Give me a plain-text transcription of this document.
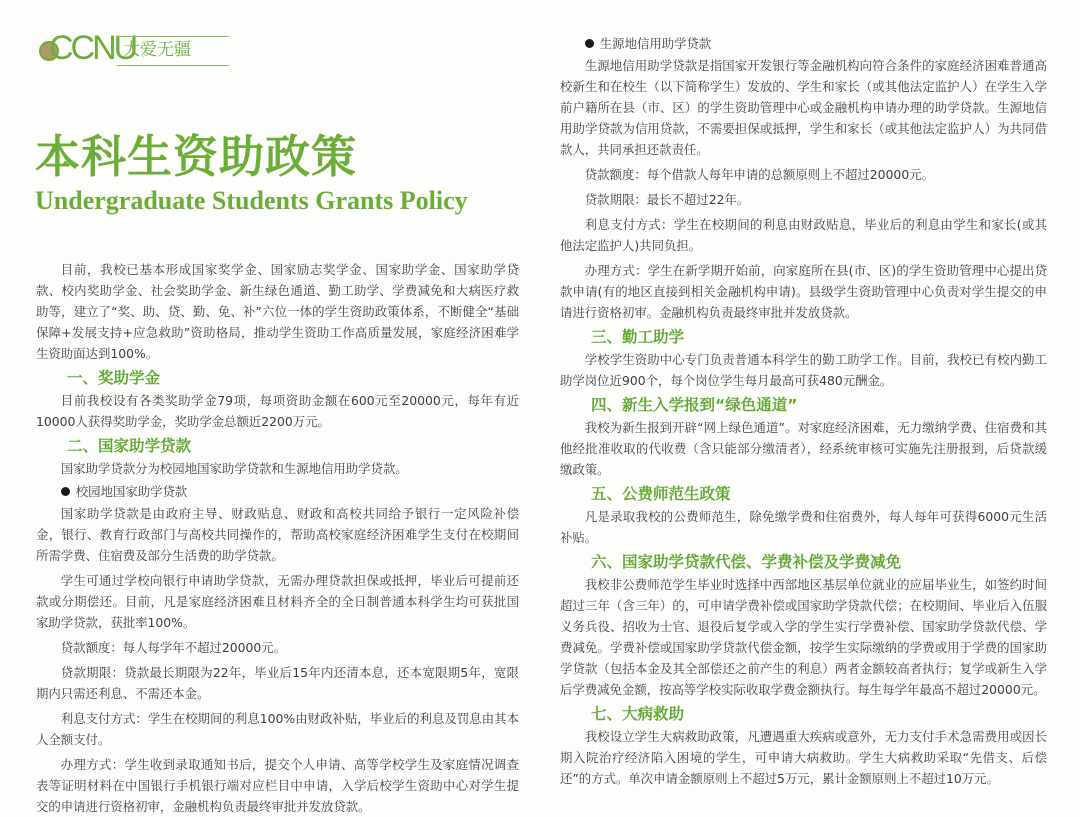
CCNU
大爱无疆
本科生资助政策
Undergraduate Students Grants Policy

目前，我校已基本形成国家奖学金、国家励志奖学金、国家助学金、国家助学贷款、校内奖助学金、社会奖助学金、新生绿色通道、勤工助学、学费减免和大病医疗救助等，建立了“奖、助、贷、勤、免、补”六位一体的学生资助政策体系，不断健全“基础保障+发展支持+应急救助”资助格局，推动学生资助工作高质量发展，家庭经济困难学生资助面达到100%。

一、奖助学金

目前我校设有各类奖助学金79项，每项资助金额在600元至20000元，每年有近10000人获得奖助学金，奖助学金总额近2200万元。

二、国家助学贷款

国家助学贷款分为校园地国家助学贷款和生源地信用助学贷款。

校园地国家助学贷款

国家助学贷款是由政府主导、财政贴息、财政和高校共同给予银行一定风险补偿金，银行、教育行政部门与高校共同操作的，帮助高校家庭经济困难学生支付在校期间所需学费、住宿费及部分生活费的助学贷款。

学生可通过学校向银行申请助学贷款，无需办理贷款担保或抵押，毕业后可提前还款或分期偿还。目前，凡是家庭经济困难且材料齐全的全日制普通本科学生均可获批国家助学贷款，获批率100%。

贷款额度：每人每学年不超过20000元。

贷款期限：贷款最长期限为22年，毕业后15年内还清本息，还本宽限期5年，宽限期内只需还利息、不需还本金。

利息支付方式：学生在校期间的利息100%由财政补贴，毕业后的利息及罚息由其本人全额支付。

办理方式：学生收到录取通知书后，提交个人申请、高等学校学生及家庭情况调查表等证明材料在中国银行手机银行端对应栏目中申请，入学后校学生资助中心对学生提交的申请进行资格初审，金融机构负责最终审批并发放贷款。

生源地信用助学贷款

生源地信用助学贷款是指国家开发银行等金融机构向符合条件的家庭经济困难普通高校新生和在校生（以下简称学生）发放的、学生和家长（或其他法定监护人）在学生入学前户籍所在县（市、区）的学生资助管理中心或金融机构申请办理的助学贷款。生源地信用助学贷款为信用贷款，不需要担保或抵押，学生和家长（或其他法定监护人）为共同借款人，共同承担还款责任。

贷款额度：每个借款人每年申请的总额原则上不超过20000元。

贷款期限：最长不超过22年。

利息支付方式：学生在校期间的利息由财政贴息，毕业后的利息由学生和家长(或其他法定监护人)共同负担。

办理方式：学生在新学期开始前，向家庭所在县(市、区)的学生资助管理中心提出贷款申请(有的地区直接到相关金融机构申请)。县级学生资助管理中心负责对学生提交的申请进行资格初审。金融机构负责最终审批并发放贷款。

三、勤工助学

学校学生资助中心专门负责普通本科学生的勤工助学工作。目前，我校已有校内勤工助学岗位近900个，每个岗位学生每月最高可获480元酬金。

四、新生入学报到“绿色通道”

我校为新生报到开辟“网上绿色通道”。对家庭经济困难，无力缴纳学费、住宿费和其他经批准收取的代收费（含只能部分缴清者），经系统审核可实施先注册报到，后贷款缓缴政策。

五、公费师范生政策

凡是录取我校的公费师范生，除免缴学费和住宿费外，每人每年可获得6000元生活补贴。

六、国家助学贷款代偿、学费补偿及学费减免

我校非公费师范学生毕业时选择中西部地区基层单位就业的应届毕业生，如签约时间超过三年（含三年）的，可申请学费补偿或国家助学贷款代偿；在校期间、毕业后入伍服义务兵役、招收为士官、退役后复学或入学的学生实行学费补偿、国家助学贷款代偿、学费减免。学费补偿或国家助学贷款代偿金额，按学生实际缴纳的学费或用于学费的国家助学贷款（包括本金及其全部偿还之前产生的利息）两者金额较高者执行；复学或新生入学后学费减免金额，按高等学校实际收取学费金额执行。每生每学年最高不超过20000元。

七、大病救助

我校设立学生大病救助政策，凡遭遇重大疾病或意外，无力支付手术急需费用或因长期入院治疗经济陷入困境的学生，可申请大病救助。学生大病救助采取“先借支、后偿还”的方式。单次申请金额原则上不超过5万元，累计金额原则上不超过10万元。
